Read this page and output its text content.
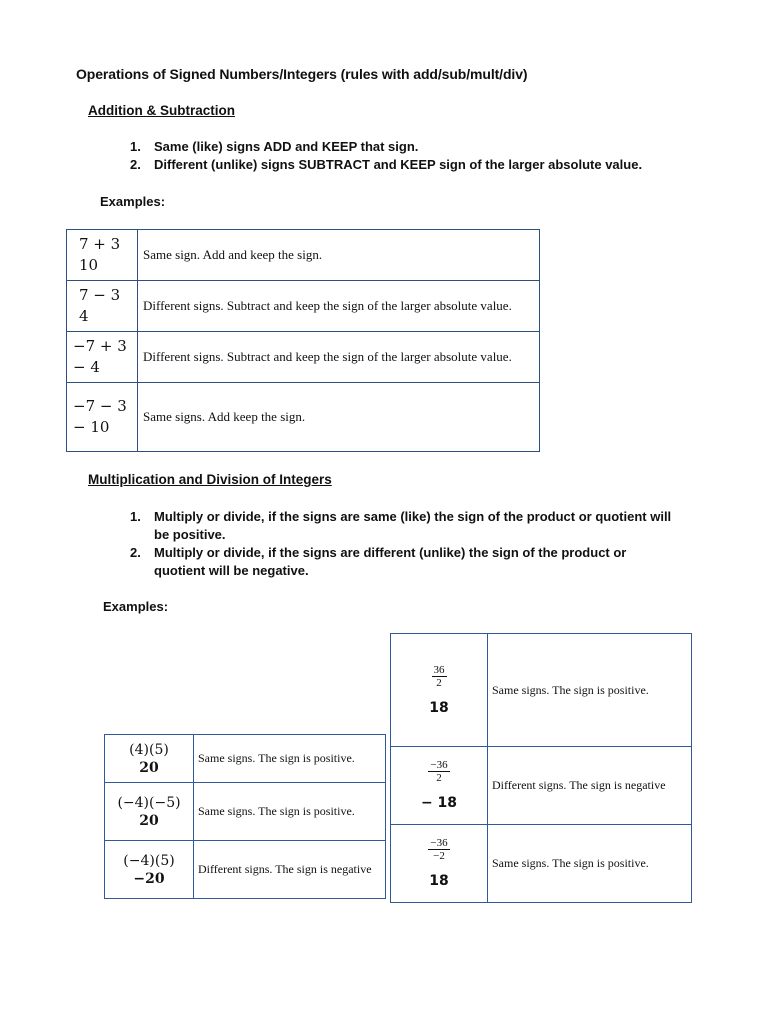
Operations of Signed Numbers/Integers (rules with add/sub/mult/div)
Addition & Subtraction
1. Same (like) signs ADD and KEEP that sign.
2. Different (unlike) signs SUBTRACT and KEEP sign of the larger absolute value.
Examples:
7 + 3
10	Same sign. Add and keep the sign.

7 − 3
4	Different signs. Subtract and keep the sign of the larger absolute value.

−7 + 3
− 4	Different signs. Subtract and keep the sign of the larger absolute value.

−7 − 3
− 10	Same signs. Add keep the sign.
Multiplication and Division of Integers
1. Multiply or divide, if the signs are same (like) the sign of the product or quotient will
be positive.
2. Multiply or divide, if the signs are different (unlike) the sign of the product or
quotient will be negative.
Examples:
(4)(5)
20	Same signs. The sign is positive.
(−4)(−5)
20	Same signs. The sign is positive.
(−4)(5)
−20	Different signs. The sign is negative
$\frac{36}{2}$
18	Same signs. The sign is positive.

$\frac{-36}{2}$
− 18	Different signs. The sign is negative

$\frac{-36}{-2}$
18	Same signs. The sign is positive.
